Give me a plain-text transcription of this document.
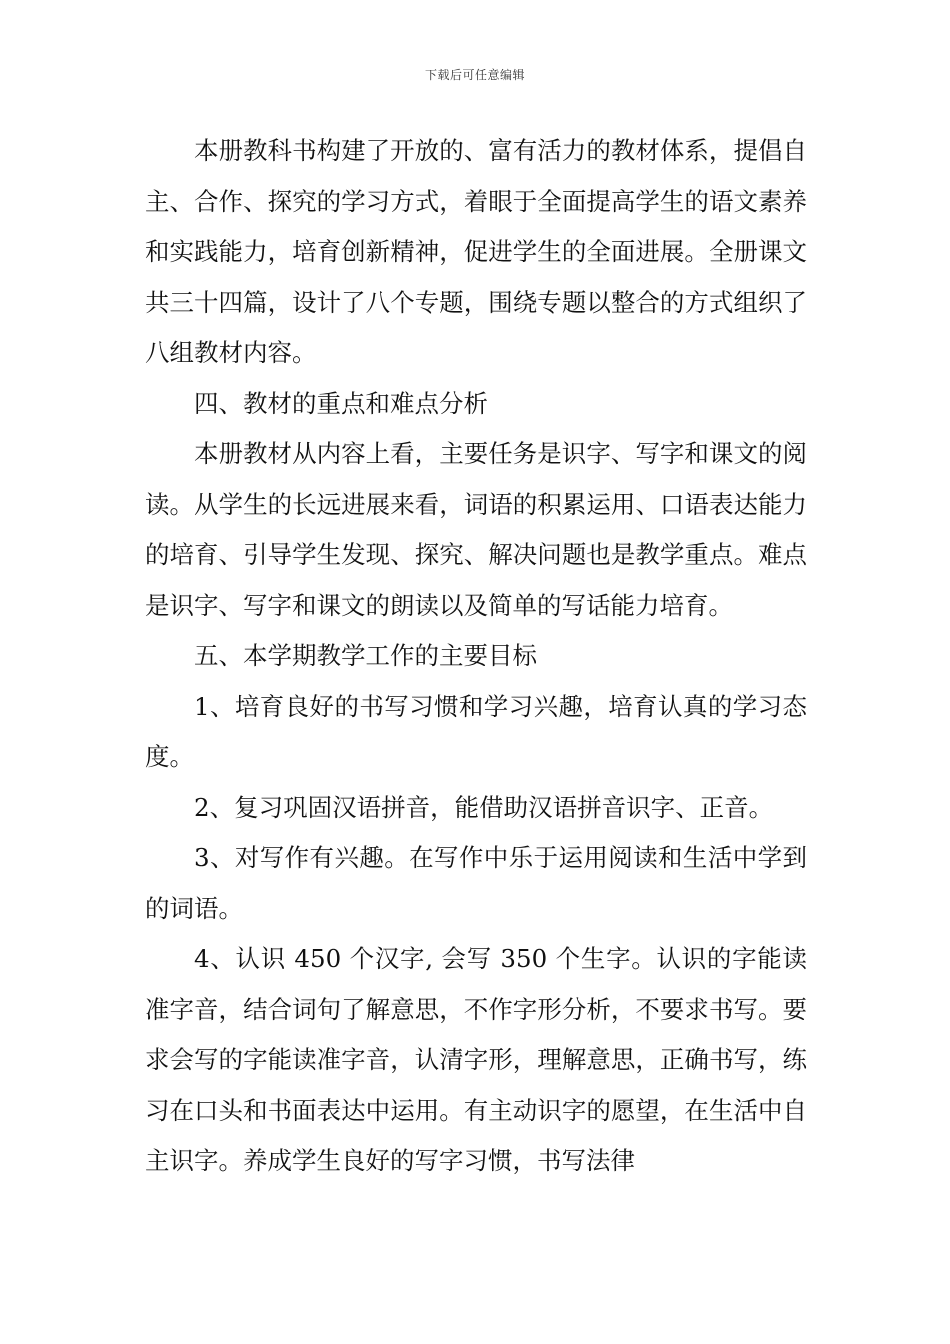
下载后可任意编辑

本册教科书构建了开放的、富有活力的教材体系，提倡自主、合作、探究的学习方式，着眼于全面提高学生的语文素养和实践能力，培育创新精神，促进学生的全面进展。全册课文共三十四篇，设计了八个专题，围绕专题以整合的方式组织了八组教材内容。

四、教材的重点和难点分析

本册教材从内容上看，主要任务是识字、写字和课文的阅读。从学生的长远进展来看，词语的积累运用、口语表达能力的培育、引导学生发现、探究、解决问题也是教学重点。难点是识字、写字和课文的朗读以及简单的写话能力培育。

五、本学期教学工作的主要目标

1、培育良好的书写习惯和学习兴趣，培育认真的学习态度。

2、复习巩固汉语拼音，能借助汉语拼音识字、正音。

3、对写作有兴趣。在写作中乐于运用阅读和生活中学到的词语。

4、认识 450 个汉字, 会写 350 个生字。认识的字能读准字音，结合词句了解意思，不作字形分析，不要求书写。要求会写的字能读准字音，认清字形，理解意思，正确书写，练习在口头和书面表达中运用。有主动识字的愿望，在生活中自主识字。养成学生良好的写字习惯，书写法律
